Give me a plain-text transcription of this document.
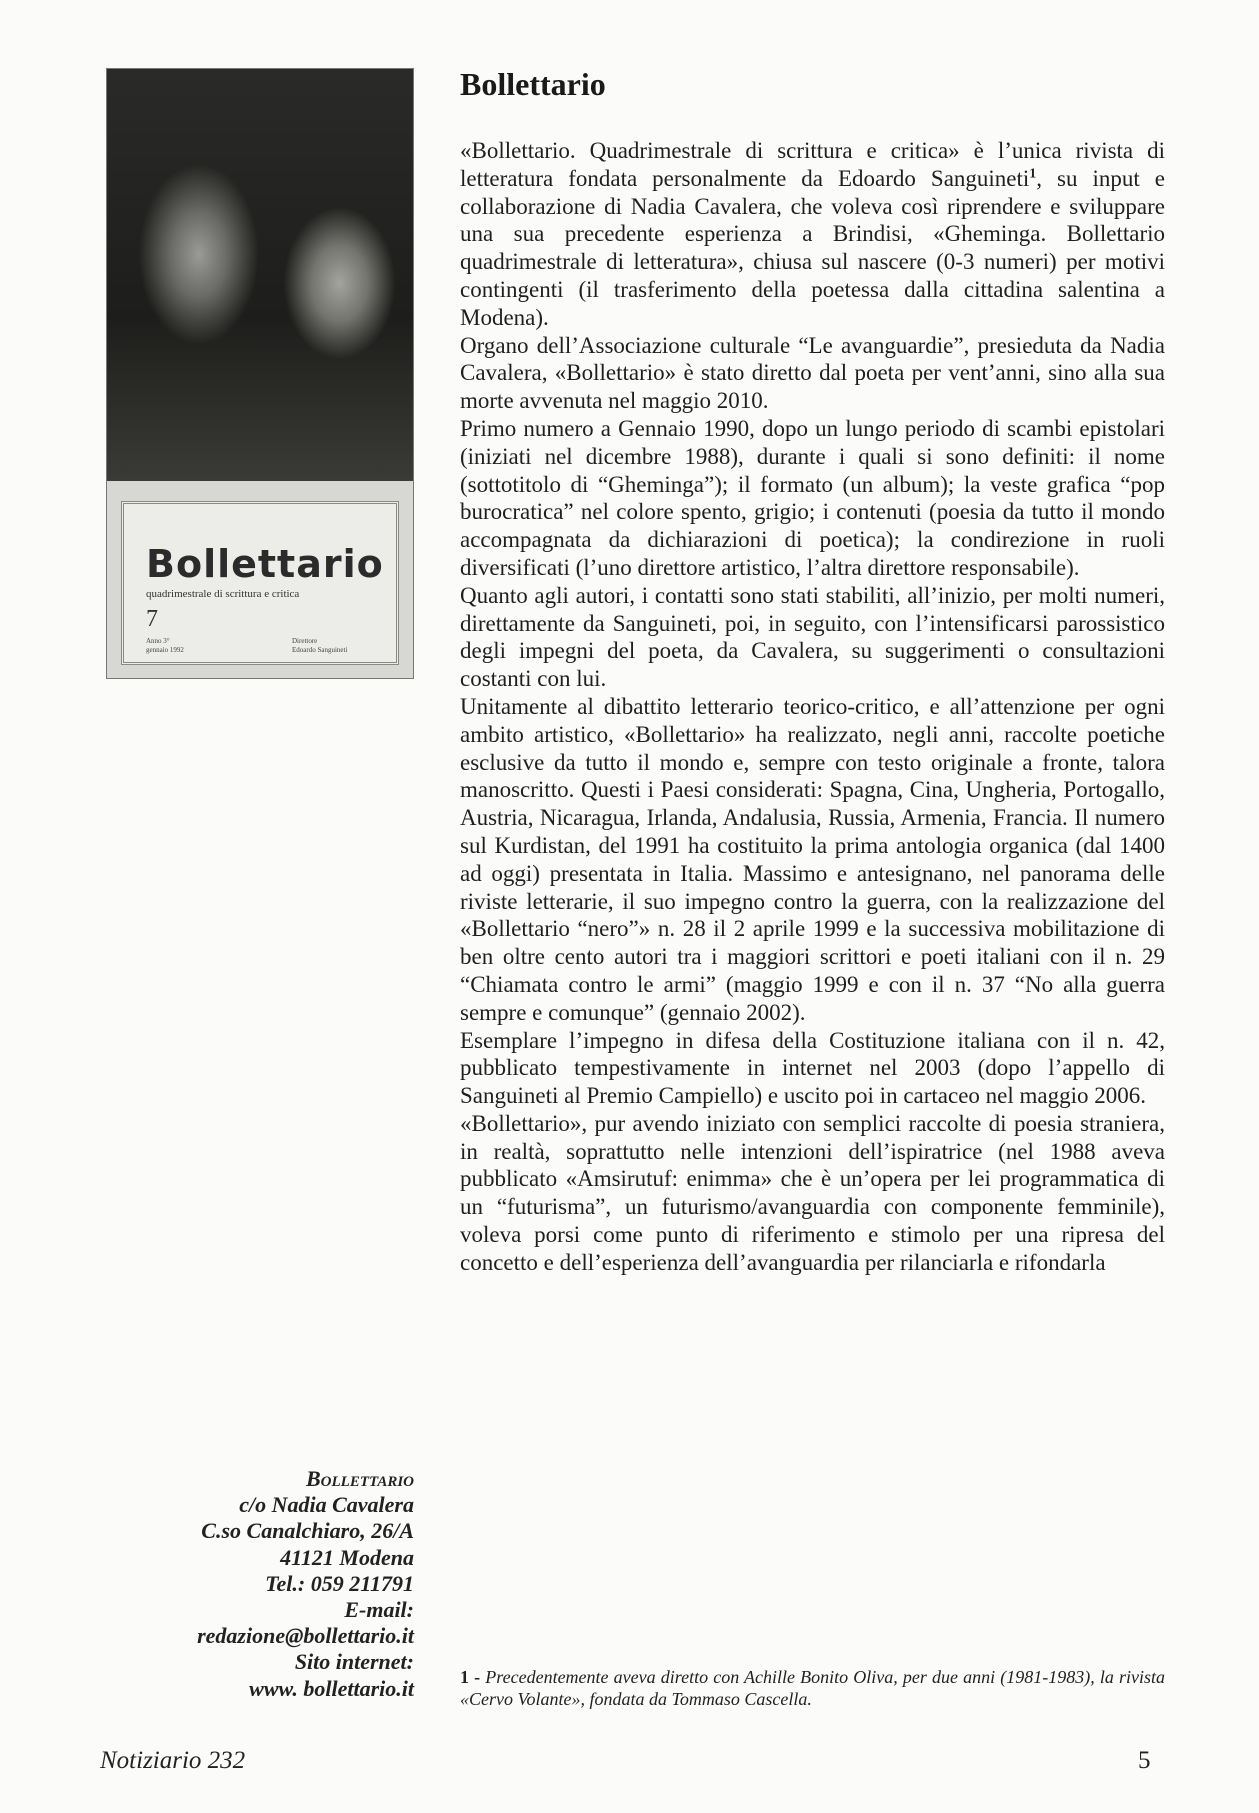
Bollettario
quadrimestrale di scrittura e critica
7
Anno 3°
gennaio 1992
Direttore
Edoardo Sanguineti
Bollettario

«Bollettario. Quadrimestrale di scrittura e critica» è l’unica rivista di letteratura fondata personalmente da Edoardo Sanguineti$^1$, su input e collaborazione di Nadia Cavalera, che voleva così riprendere e sviluppare una sua precedente esperienza a Brindisi, «Gheminga. Bollettario quadrimestrale di letteratura», chiusa sul nascere (0-3 numeri) per motivi contingenti (il trasferimento della poetessa dalla cittadina salentina a Modena).

Organo dell’Associazione culturale “Le avanguardie”, presieduta da Nadia Cavalera, «Bollettario» è stato diretto dal poeta per vent’anni, sino alla sua morte avvenuta nel maggio 2010.

Primo numero a Gennaio 1990, dopo un lungo periodo di scambi epistolari (iniziati nel dicembre 1988), durante i quali si sono definiti: il nome (sottotitolo di “Gheminga”); il formato (un album); la veste grafica “pop burocratica” nel colore spento, grigio; i contenuti (poesia da tutto il mondo accompagnata da dichiarazioni di poetica); la condirezione in ruoli diversificati (l’uno direttore artistico, l’altra direttore responsabile).

Quanto agli autori, i contatti sono stati stabiliti, all’inizio, per molti numeri, direttamente da Sanguineti, poi, in seguito, con l’intensificarsi parossistico degli impegni del poeta, da Cavalera, su suggerimenti o consultazioni costanti con lui.

Unitamente al dibattito letterario teorico-critico, e all’attenzione per ogni ambito artistico, «Bollettario» ha realizzato, negli anni, raccolte poetiche esclusive da tutto il mondo e, sempre con testo originale a fronte, talora manoscritto. Questi i Paesi considerati: Spagna, Cina, Ungheria, Portogallo, Austria, Nicaragua, Irlanda, Andalusia, Russia, Armenia, Francia. Il numero sul Kurdistan, del 1991 ha costituito la prima antologia organica (dal 1400 ad oggi) presentata in Italia. Massimo e antesignano, nel panorama delle riviste letterarie, il suo impegno contro la guerra, con la realizzazione del «Bollettario “nero”» n. 28 il 2 aprile 1999 e la successiva mobilitazione di ben oltre cento autori tra i maggiori scrittori e poeti italiani con il n. 29 “Chiamata contro le armi” (maggio 1999 e con il n. 37 “No alla guerra sempre e comunque” (gennaio 2002).

Esemplare l’impegno in difesa della Costituzione italiana con il n. 42, pubblicato tempestivamente in internet nel 2003 (dopo l’appello di Sanguineti al Premio Campiello) e uscito poi in cartaceo nel maggio 2006.

«Bollettario», pur avendo iniziato con semplici raccolte di poesia straniera, in realtà, soprattutto nelle intenzioni dell’ispiratrice (nel 1988 aveva pubblicato «Amsirutuf: enimma» che è un’opera per lei programmatica di un “futurisma”, un futurismo/avanguardia con componente femminile), voleva porsi come punto di riferimento e stimolo per una ripresa del concetto e dell’esperienza dell’avanguardia per rilanciarla e rifondarla

Bollettario
c/o Nadia Cavalera
C.so Canalchiaro, 26/A
41121 Modena
Tel.: 059 211791
E-mail:
redazione@bollettario.it
Sito internet:
www. bollettario.it	1 - Precedentemente aveva diretto con Achille Bonito Oliva, per due anni (1981-1983), la rivista «Cervo Volante», fondata da Tommaso Cascella.
Notiziario 232	5
